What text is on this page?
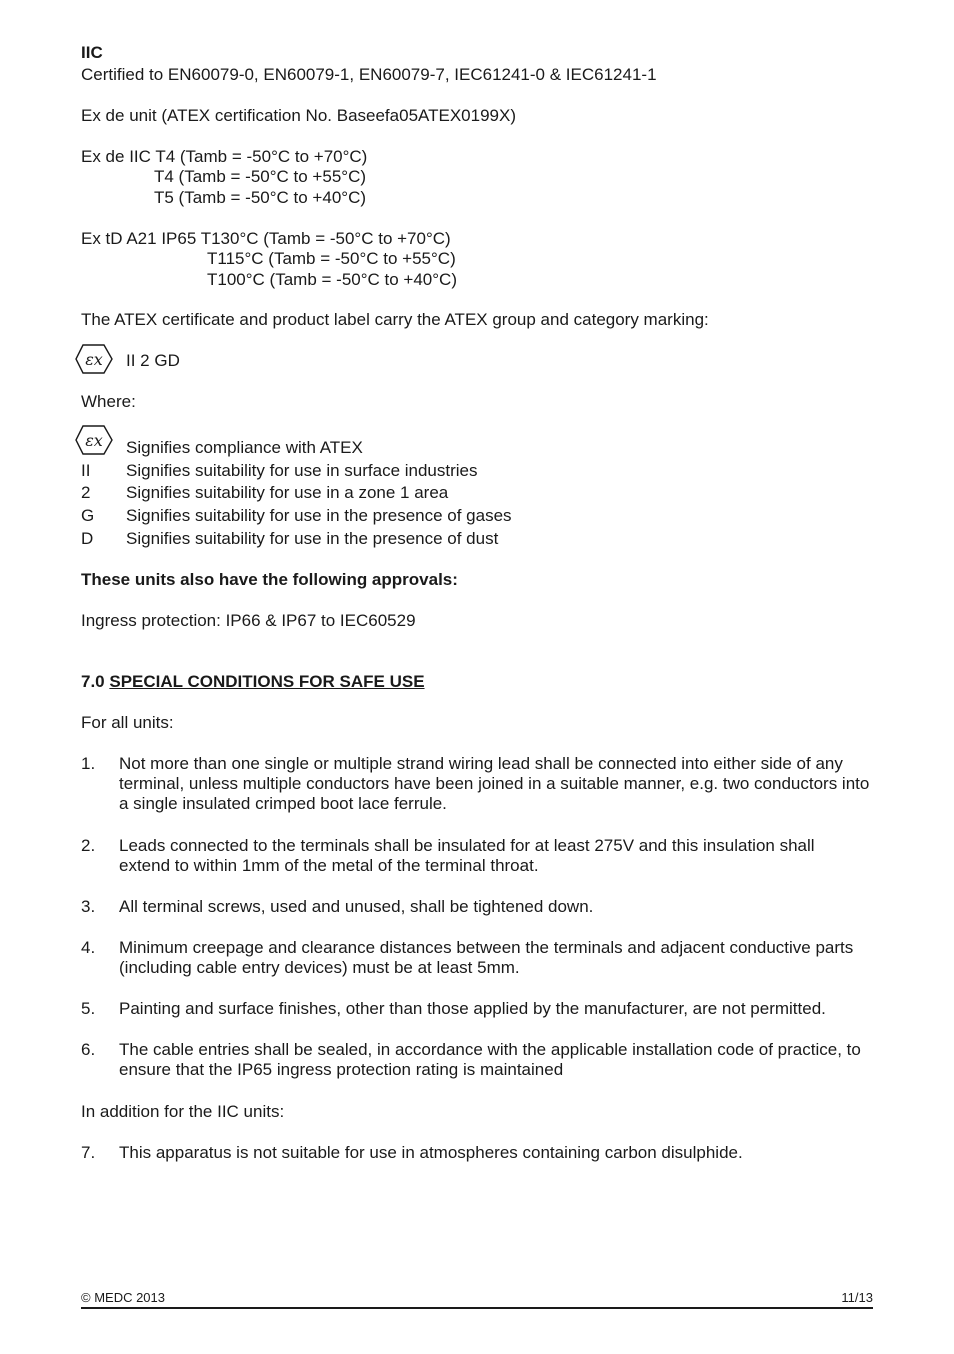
IIC
Certified to EN60079-0, EN60079-1, EN60079-7, IEC61241-0 & IEC61241-1
Ex de unit (ATEX certification No. Baseefa05ATEX0199X)
Ex de IIC T4 (Tamb = -50°C to +70°C)
T4 (Tamb = -50°C to +55°C)
T5 (Tamb = -50°C to +40°C)
Ex tD A21 IP65 T130°C (Tamb = -50°C to +70°C)
T115°C (Tamb = -50°C to +55°C)
T100°C (Tamb = -50°C to +40°C)
The ATEX certificate and product label carry the ATEX group and category marking:
εx II 2 GD
Where:
εx Signifies compliance with ATEX
II	Signifies suitability for use in surface industries
2	Signifies suitability for use in a zone 1 area
G	Signifies suitability for use in the presence of gases
D	Signifies suitability for use in the presence of dust
These units also have the following approvals:
Ingress protection: IP66 & IP67 to IEC60529
7.0 SPECIAL CONDITIONS FOR SAFE USE
For all units:
1. Not more than one single or multiple strand wiring lead shall be connected into either side of any terminal, unless multiple conductors have been joined in a suitable manner, e.g. two conductors into a single insulated crimped boot lace ferrule.
2. Leads connected to the terminals shall be insulated for at least 275V and this insulation shall extend to within 1mm of the metal of the terminal throat.
3. All terminal screws, used and unused, shall be tightened down.
4. Minimum creepage and clearance distances between the terminals and adjacent conductive parts (including cable entry devices) must be at least 5mm.
5. Painting and surface finishes, other than those applied by the manufacturer, are not permitted.
6. The cable entries shall be sealed, in accordance with the applicable installation code of practice, to ensure that the IP65 ingress protection rating is maintained
In addition for the IIC units:
7. This apparatus is not suitable for use in atmospheres containing carbon disulphide.
© MEDC 2013	11/13
